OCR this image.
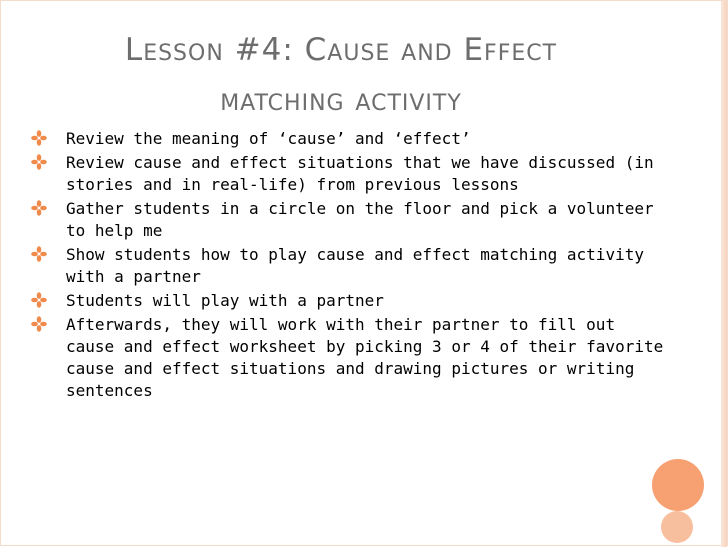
Lesson #4: Cause and Effect
matching activity
Review the meaning of ‘cause’ and ‘effect’
Review cause and effect situations that we have discussed (in stories and in real-life) from previous lessons
Gather students in a circle on the floor and pick a volunteer to help me
Show students how to play cause and effect matching activity with a partner
Students will play with a partner
Afterwards, they will work with their partner to fill out cause and effect worksheet by picking 3 or 4 of their favorite cause and effect situations and drawing pictures or writing sentences
